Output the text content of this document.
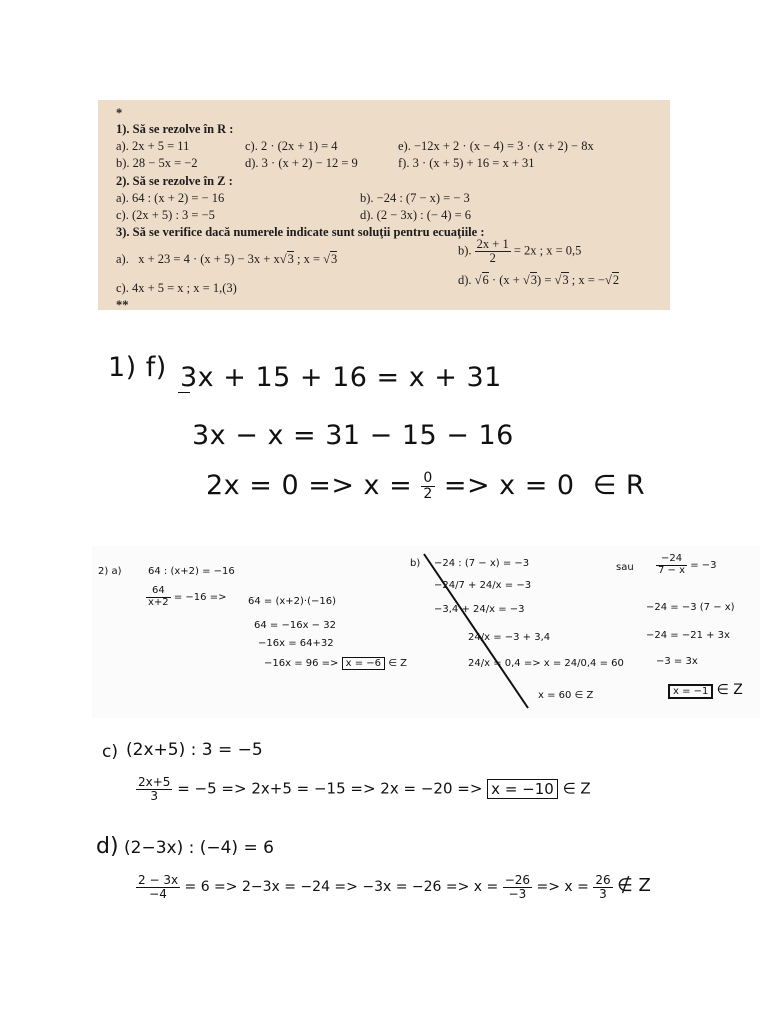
*
1). Să se rezolve în R :
a). 2x + 5 = 11	c). 2 · (2x + 1) = 4	e). −12x + 2 · (x − 4) = 3 · (x + 2) − 8x
b). 28 − 5x = −2	d). 3 · (x + 2) − 12 = 9	f). 3 · (x + 5) + 16 = x + 31
2). Să se rezolve în Z :
a). 64 : (x + 2) = − 16	b). −24 : (7 − x) = − 3
c). (2x + 5) : 3 = −5	d). (2 − 3x) : (− 4) = 6
3). Să se verifice dacă numerele indicate sunt soluţii pentru ecuaţiile :
a). x + 23 = 4 · (x + 5) − 3x + x√3 ; x = √3
b). $\frac{2x + 1}{2} = 2x$ ; x = 0,5
c). 4x + 5 = x ; x = 1,(3)
d). √6 · (x + √3) = √3 ; x = −√2
**
1) f) 3x + 15 + 16 = x + 31
3x − x = 31 − 15 − 16
$2x = 0 => x = \frac{0}{2} => x = 0$ ∈ R
2) a)	64 : (x+2) = −16
$\frac{64}{x+2} = -16 => 64 = (x+2)\cdot(-16)$
64 = −16x − 32
−16x = 64+32
−16x = 96 => x = −6 ∈ Z
b) −24 : (7 − x) = −3
−24/7 + 24/x = −3
−3,4 + 24/x = −3
24/x = −3 + 3,4
24/x = 0,4 => x = 24/0,4 = 60
x = 60 ∈ Z
sau $\frac{-24}{7 - x} = -3$
−24 = −3 (7 − x)
−24 = −21 + 3x
−3 = 3x
x = −1 ∈ Z
c) (2x+5) : 3 = −5
$\frac{2x+5}{3} = -5 => 2x+5 = -15 => 2x = -20 => x = -10$ ∈ Z
d) (2−3x) : (−4) = 6
$\frac{2 - 3x}{-4} = 6 => 2-3x = -24 => -3x = -26 => x = \frac{-26}{-3} => x = \frac{26}{3}$ ∉ Z
